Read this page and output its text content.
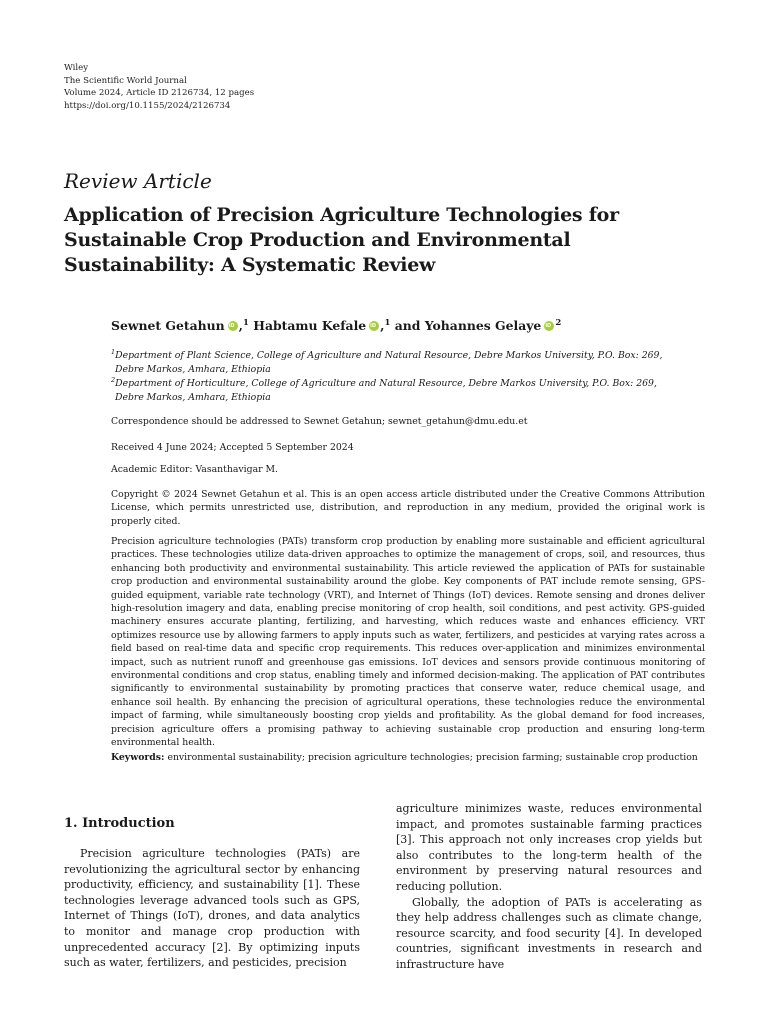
Wiley
The Scientific World Journal
Volume 2024, Article ID 2126734, 12 pages
https://doi.org/10.1155/2024/2126734
Review Article
Application of Precision Agriculture Technologies for Sustainable Crop Production and Environmental Sustainability: A Systematic Review
Sewnet Getahun iD ,$^1$ Habtamu Kefale iD ,$^1$ and Yohannes Gelaye iD $^2$
$^1$Department of Plant Science, College of Agriculture and Natural Resource, Debre Markos University, P.O. Box: 269,
Debre Markos, Amhara, Ethiopia
$^2$Department of Horticulture, College of Agriculture and Natural Resource, Debre Markos University, P.O. Box: 269,
Debre Markos, Amhara, Ethiopia
Correspondence should be addressed to Sewnet Getahun; sewnet_getahun@dmu.edu.et
Received 4 June 2024; Accepted 5 September 2024
Academic Editor: Vasanthavigar M.
Copyright © 2024 Sewnet Getahun et al. This is an open access article distributed under the Creative Commons Attribution License, which permits unrestricted use, distribution, and reproduction in any medium, provided the original work is properly cited.
Precision agriculture technologies (PATs) transform crop production by enabling more sustainable and efficient agricultural practices. These technologies utilize data-driven approaches to optimize the management of crops, soil, and resources, thus enhancing both productivity and environmental sustainability. This article reviewed the application of PATs for sustainable crop production and environmental sustainability around the globe. Key components of PAT include remote sensing, GPS-guided equipment, variable rate technology (VRT), and Internet of Things (IoT) devices. Remote sensing and drones deliver high-resolution imagery and data, enabling precise monitoring of crop health, soil conditions, and pest activity. GPS-guided machinery ensures accurate planting, fertilizing, and harvesting, which reduces waste and enhances efficiency. VRT optimizes resource use by allowing farmers to apply inputs such as water, fertilizers, and pesticides at varying rates across a field based on real-time data and specific crop requirements. This reduces over-application and minimizes environmental impact, such as nutrient runoff and greenhouse gas emissions. IoT devices and sensors provide continuous monitoring of environmental conditions and crop status, enabling timely and informed decision-making. The application of PAT contributes significantly to environmental sustainability by promoting practices that conserve water, reduce chemical usage, and enhance soil health. By enhancing the precision of agricultural operations, these technologies reduce the environmental impact of farming, while simultaneously boosting crop yields and profitability. As the global demand for food increases, precision agriculture offers a promising pathway to achieving sustainable crop production and ensuring long-term environmental health.
Keywords: environmental sustainability; precision agriculture technologies; precision farming; sustainable crop production
1. Introduction

Precision agriculture technologies (PATs) are revolutionizing the agricultural sector by enhancing productivity, efficiency, and sustainability [1]. These technologies leverage advanced tools such as GPS, Internet of Things (IoT), drones, and data analytics to monitor and manage crop production with unprecedented accuracy [2]. By optimizing inputs such as water, fertilizers, and pesticides, precision

agriculture minimizes waste, reduces environmental impact, and promotes sustainable farming practices [3]. This approach not only increases crop yields but also contributes to the long-term health of the environment by preserving natural resources and reducing pollution.

Globally, the adoption of PATs is accelerating as they help address challenges such as climate change, resource scarcity, and food security [4]. In developed countries, significant investments in research and infrastructure have
